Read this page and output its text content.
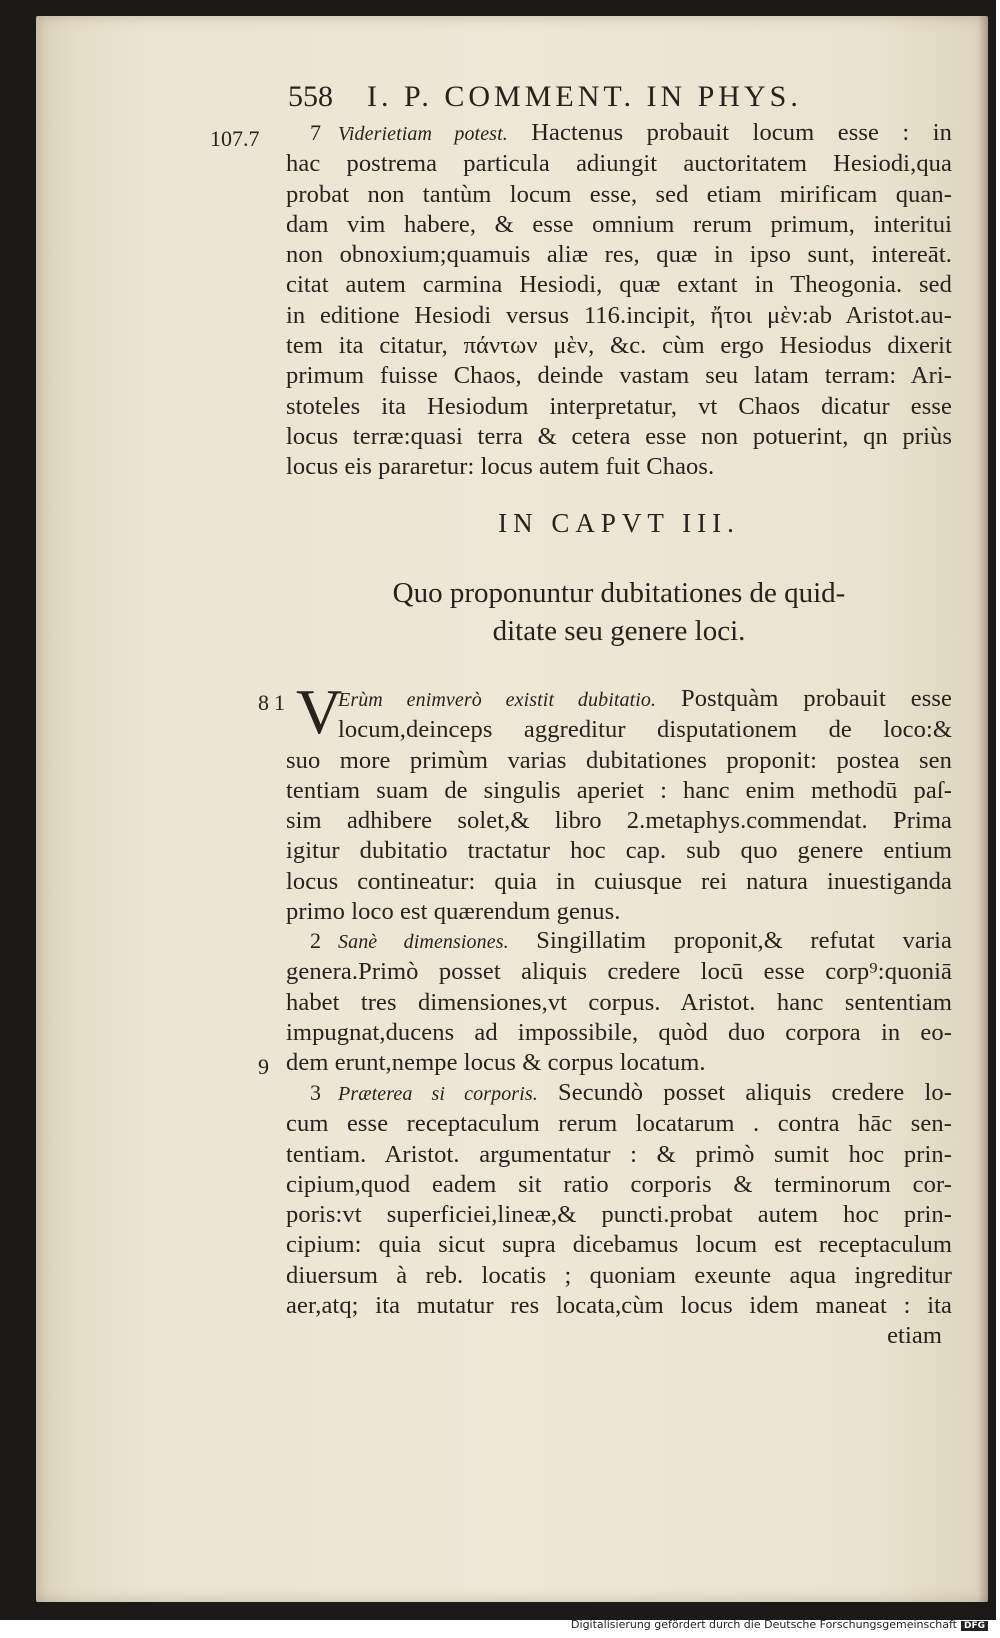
558 I. P. COMMENT. IN PHYS.
107.7
8
9
7 Viderietiam potest. Hactenus probauit locum esse : in
hac postrema particula adiungit auctoritatem Hesiodi,qua
probat non tantùm locum esse, sed etiam mirificam quan-
dam vim habere, & esse omnium rerum primum, interitui
non obnoxium;quamuis aliæ res, quæ in ipso sunt, intereāt.
citat autem carmina Hesiodi, quæ extant in Theogonia. sed
in editione Hesiodi versus 116.incipit, ἤτοι μὲν:ab Aristot.au-
tem ita citatur, πάντων μὲν, &c. cùm ergo Hesiodus dixerit
primum fuisse Chaos, deinde vastam seu latam terram: Ari-
stoteles ita Hesiodum interpretatur, vt Chaos dicatur esse
locus terræ:quasi terra & cetera esse non potuerint, qn priùs
locus eis pararetur: locus autem fuit Chaos.
IN CAPVT III.
Quo proponuntur dubitationes de quid-
ditate seu genere loci.
1 V
Erùm enimverò existit dubitatio. Postquàm probauit esse
locum,deinceps aggreditur disputationem de loco:&
suo more primùm varias dubitationes proponit: postea sen
tentiam suam de singulis aperiet : hanc enim methodū paſ-
sim adhibere solet,& libro 2.metaphys.commendat. Prima
igitur dubitatio tractatur hoc cap. sub quo genere entium
locus contineatur: quia in cuiusque rei natura inuestiganda
primo loco est quærendum genus.
2 Sanè dimensiones. Singillatim proponit,& refutat varia
genera.Primò posset aliquis credere locū esse corp⁹:quoniā
habet tres dimensiones,vt corpus. Aristot. hanc sententiam
impugnat,ducens ad impossibile, quòd duo corpora in eo-
dem erunt,nempe locus & corpus locatum.
3 Præterea si corporis. Secundò posset aliquis credere lo-
cum esse receptaculum rerum locatarum . contra hāc sen-
tentiam. Aristot. argumentatur : & primò sumit hoc prin-
cipium,quod eadem sit ratio corporis & terminorum cor-
poris:vt superficiei,lineæ,& puncti.probat autem hoc prin-
cipium: quia sicut supra dicebamus locum est receptaculum
diuersum à reb. locatis ; quoniam exeunte aqua ingreditur
aer,atq; ita mutatur res locata,cùm locus idem maneat : ita
etiam
Digitalisierung gefördert durch die Deutsche Forschungsgemeinschaft DFG
